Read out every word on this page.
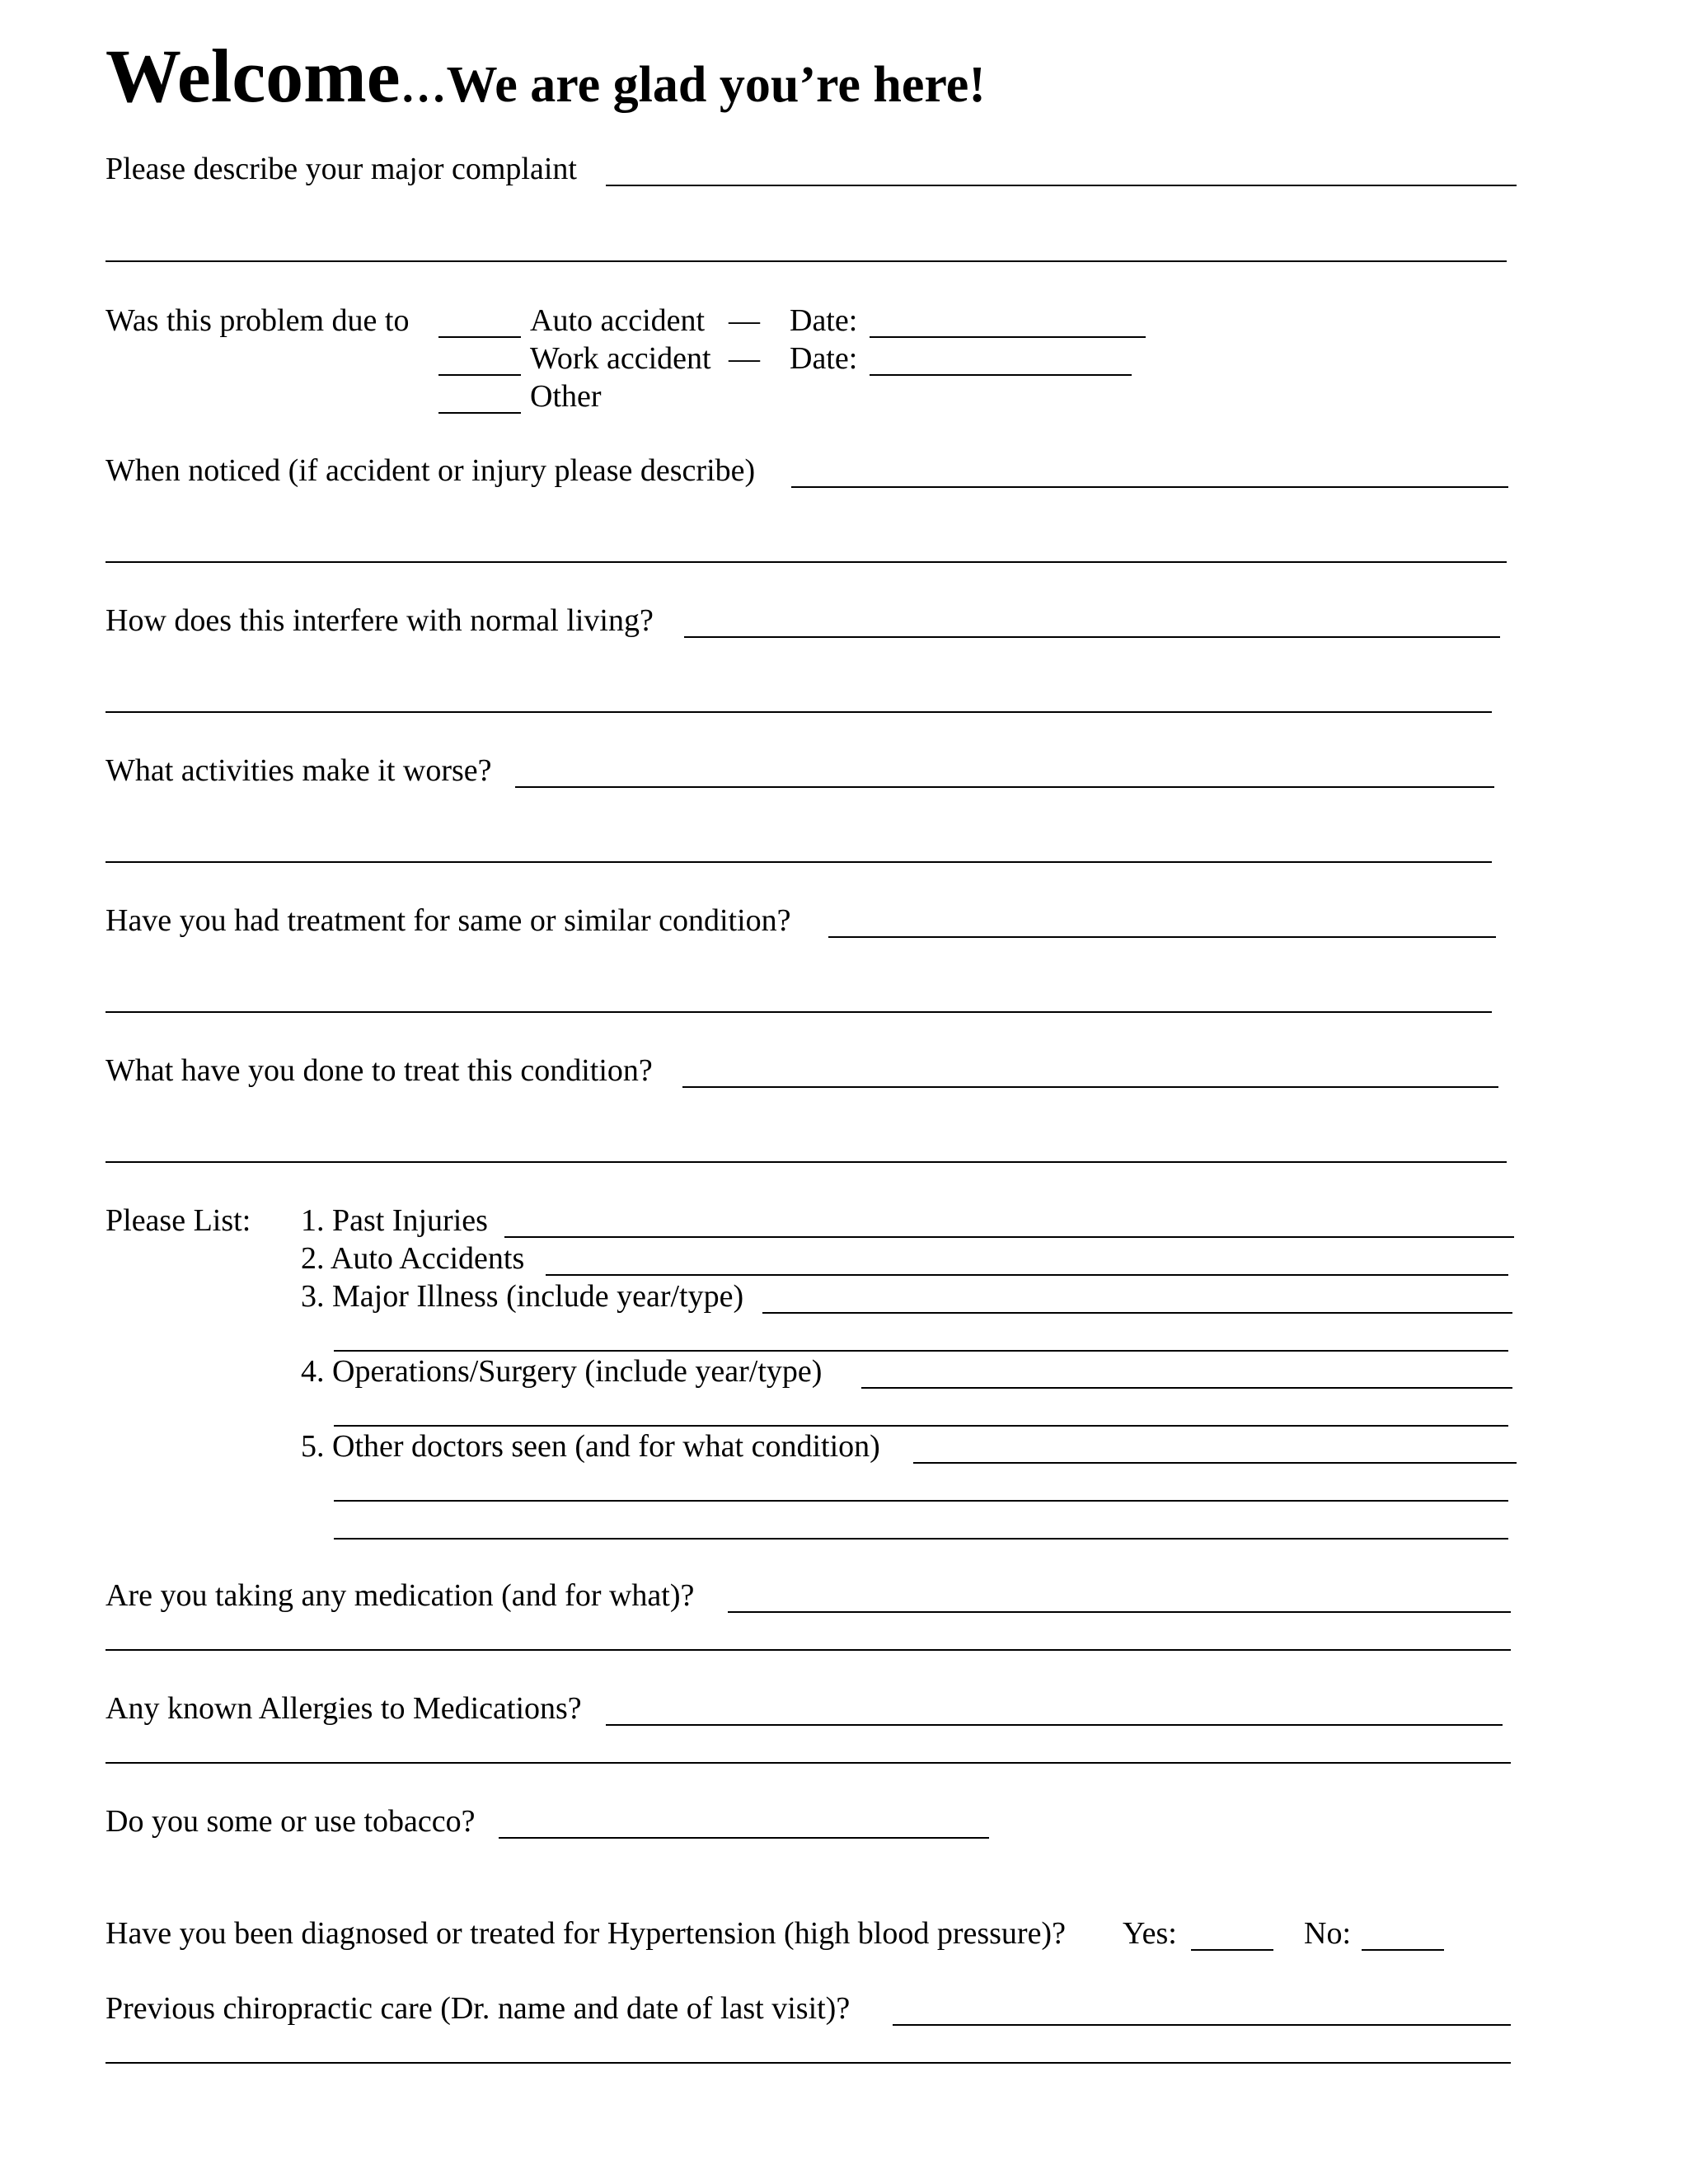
Welcome…We are glad you’re here!
Please describe your major complaint
Was this problem due to	Auto accident — Date:
Work accident — Date:
Other
When noticed (if accident or injury please describe)
How does this interfere with normal living?
What activities make it worse?
Have you had treatment for same or similar condition?
What have you done to treat this condition?
Please List: 1. Past Injuries
2. Auto Accidents
3. Major Illness (include year/type)
4. Operations/Surgery (include year/type)
5. Other doctors seen (and for what condition)
Are you taking any medication (and for what)?
Any known Allergies to Medications?
Do you some or use tobacco?
Have you been diagnosed or treated for Hypertension (high blood pressure)? Yes:	No:
Previous chiropractic care (Dr. name and date of last visit)?
